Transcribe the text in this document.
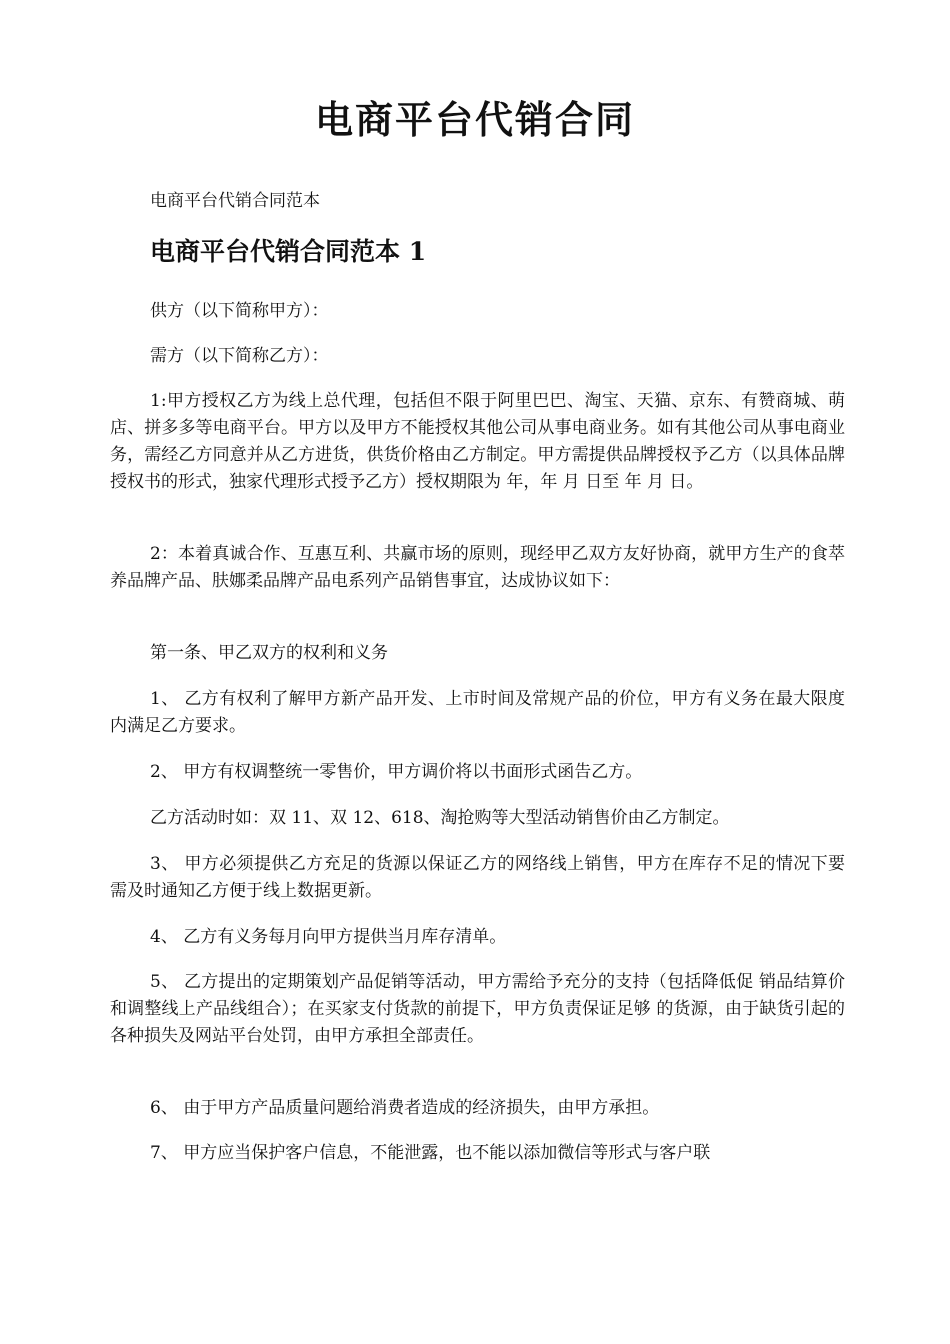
电商平台代销合同
电商平台代销合同范本
电商平台代销合同范本 1

供方（以下简称甲方）：

需方（以下简称乙方）：

1:甲方授权乙方为线上总代理，包括但不限于阿里巴巴、淘宝、天猫、京东、有赞商城、萌店、拼多多等电商平台。甲方以及甲方不能授权其他公司从事电商业务。如有其他公司从事电商业务，需经乙方同意并从乙方进货，供货价格由乙方制定。甲方需提供品牌授权予乙方（以具体品牌授权书的形式，独家代理形式授予乙方）授权期限为 年，年 月 日至 年 月 日。

2：本着真诚合作、互惠互利、共赢市场的原则，现经甲乙双方友好协商，就甲方生产的食萃养品牌产品、肤娜柔品牌产品电系列产品销售事宜，达成协议如下：

第一条、甲乙双方的权利和义务

1、 乙方有权利了解甲方新产品开发、上市时间及常规产品的价位，甲方有义务在最大限度内满足乙方要求。

2、 甲方有权调整统一零售价，甲方调价将以书面形式函告乙方。

乙方活动时如：双 11、双 12、618、淘抢购等大型活动销售价由乙方制定。

3、 甲方必须提供乙方充足的货源以保证乙方的网络线上销售，甲方在库存不足的情况下要需及时通知乙方便于线上数据更新。

4、 乙方有义务每月向甲方提供当月库存清单。

5、 乙方提出的定期策划产品促销等活动，甲方需给予充分的支持（包括降低促 销品结算价和调整线上产品线组合）；在买家支付货款的前提下，甲方负责保证足够 的货源，由于缺货引起的各种损失及网站平台处罚，由甲方承担全部责任。

6、 由于甲方产品质量问题给消费者造成的经济损失，由甲方承担。

7、 甲方应当保护客户信息，不能泄露，也不能以添加微信等形式与客户联
